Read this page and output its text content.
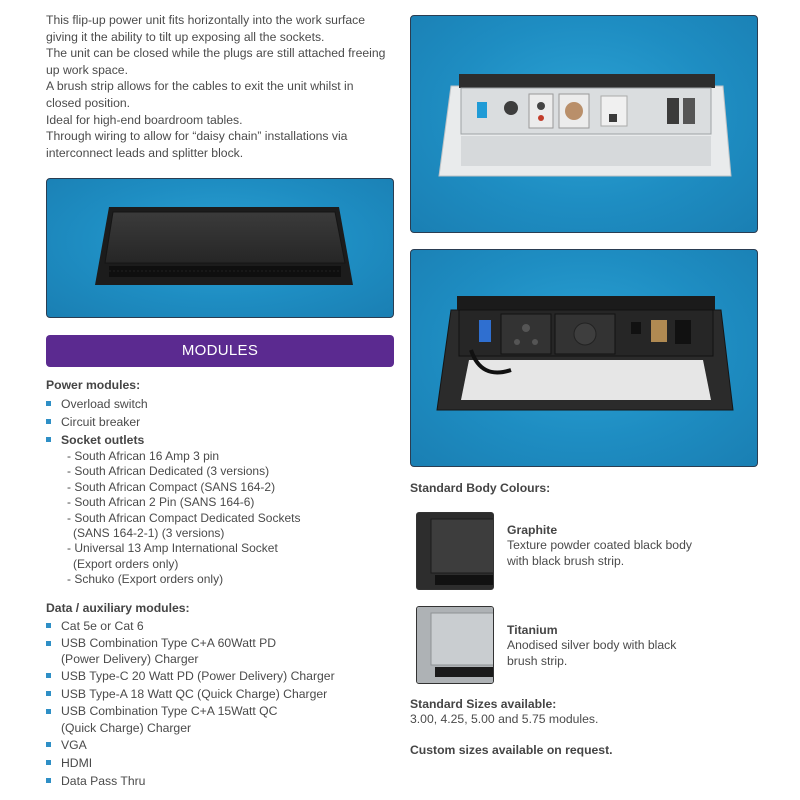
This flip-up power unit fits horizontally into the work surface giving it the ability to tilt up exposing all the sockets.

The unit can be closed while the plugs are still attached freeing up work space.

A brush strip allows for the cables to exit the unit whilst in closed position.

Ideal for high-end boardroom tables.

Through wiring to allow for “daisy chain” installations via interconnect leads and splitter block.

MODULES
Power modules:
Overload switch
Circuit breaker
Socket outlets
- South African 16 Amp 3 pin
- South African Dedicated (3 versions)
- South African Compact (SANS 164-2)
- South African 2 Pin (SANS 164-6)
- South African Compact Dedicated Sockets
(SANS 164-2-1) (3 versions)
- Universal 13 Amp International Socket
(Export orders only)
- Schuko (Export orders only)
Data / auxiliary modules:
Cat 5e or Cat 6
USB Combination Type C+A 60Watt PD
(Power Delivery) Charger
USB Type-C 20 Watt PD (Power Delivery) Charger
USB Type-A 18 Watt QC (Quick Charge) Charger
USB Combination Type C+A 15Watt QC
(Quick Charge) Charger
VGA
HDMI
Data Pass Thru
Standard Body Colours:
Graphite
Texture powder coated black body with black brush strip.
Titanium
Anodised silver body with black brush strip.
Standard Sizes available:
3.00, 4.25, 5.00 and 5.75 modules.
Custom sizes available on request.
